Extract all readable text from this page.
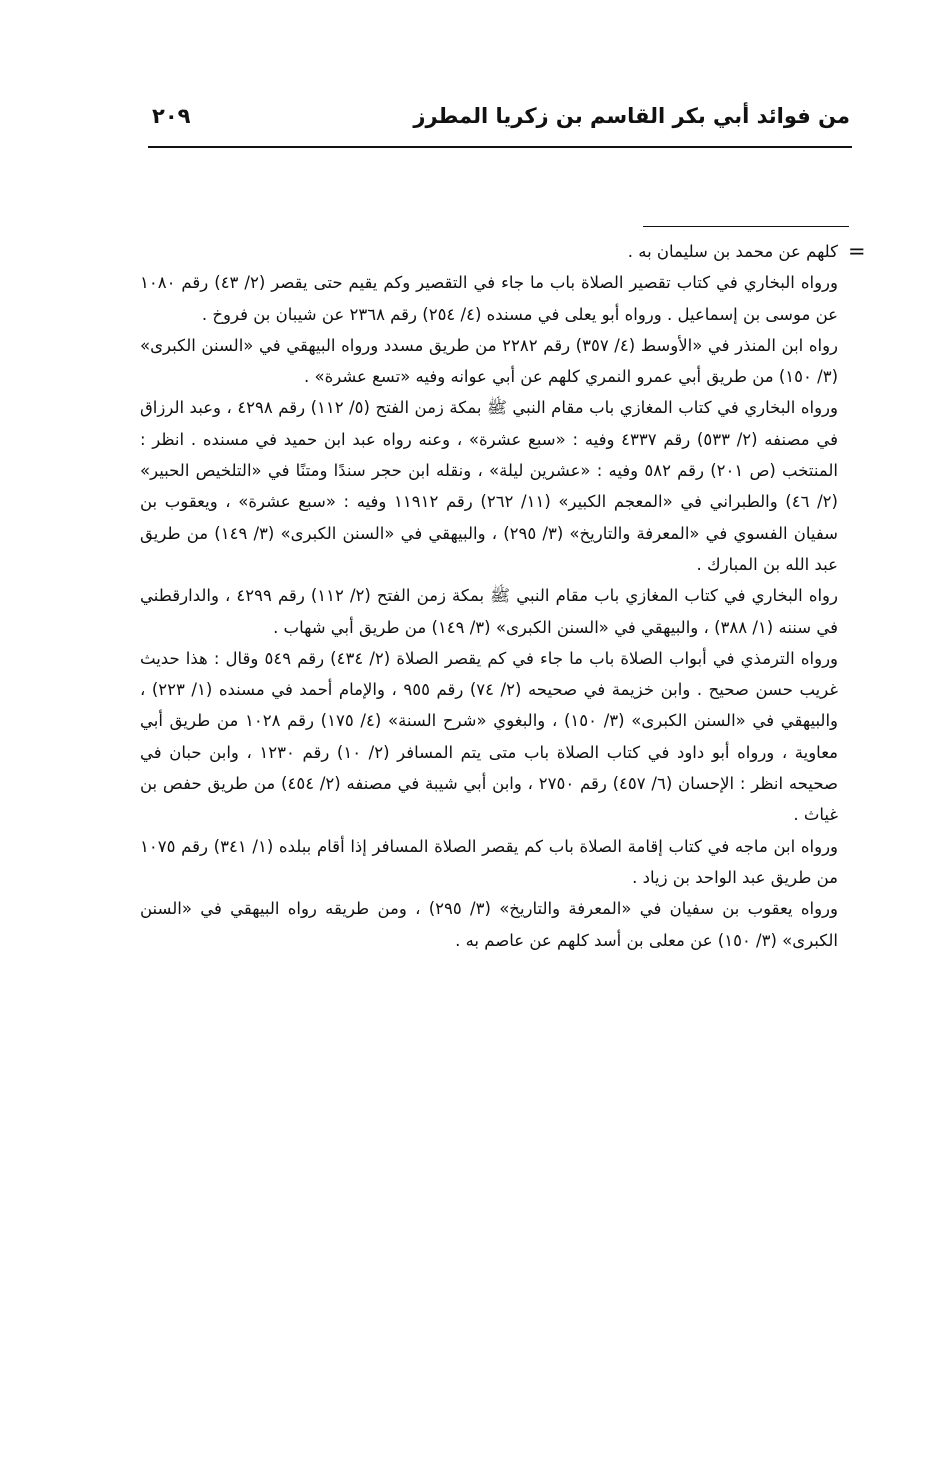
من فوائد أبي بكر القاسم بن زكريا المطرز
٢٠٩
=

كلهم عن محمد بن سليمان به .

ورواه البخاري في كتاب تقصير الصلاة باب ما جاء في التقصير وكم يقيم حتى يقصر (٢/ ٤٣) رقم ١٠٨٠ عن موسى بن إسماعيل . ورواه أبو يعلى في مسنده (٤/ ٢٥٤) رقم ٢٣٦٨ عن شيبان بن فروخ .

رواه ابن المنذر في «الأوسط (٤/ ٣٥٧) رقم ٢٢٨٢ من طريق مسدد ورواه البيهقي في «السنن الكبرى» (٣/ ١٥٠) من طريق أبي عمرو النمري كلهم عن أبي عوانه وفيه «تسع عشرة» .

ورواه البخاري في كتاب المغازي باب مقام النبي ﷺ بمكة زمن الفتح (٥/ ١١٢) رقم ٤٢٩٨ ، وعبد الرزاق في مصنفه (٢/ ٥٣٣) رقم ٤٣٣٧ وفيه : «سبع عشرة» ، وعنه رواه عبد ابن حميد في مسنده . انظر : المنتخب (ص ٢٠١) رقم ٥٨٢ وفيه : «عشرين ليلة» ، ونقله ابن حجر سندًا ومتنًا في «التلخيص الحبير» (٢/ ٤٦) والطبراني في «المعجم الكبير» (١١/ ٢٦٢) رقم ١١٩١٢ وفيه : «سبع عشرة» ، ويعقوب بن سفيان الفسوي في «المعرفة والتاريخ» (٣/ ٢٩٥) ، والبيهقي في «السنن الكبرى» (٣/ ١٤٩) من طريق عبد الله بن المبارك .

رواه البخاري في كتاب المغازي باب مقام النبي ﷺ بمكة زمن الفتح (٢/ ١١٢) رقم ٤٢٩٩ ، والدارقطني في سننه (١/ ٣٨٨) ، والبيهقي في «السنن الكبرى» (٣/ ١٤٩) من طريق أبي شهاب .

ورواه الترمذي في أبواب الصلاة باب ما جاء في كم يقصر الصلاة (٢/ ٤٣٤) رقم ٥٤٩ وقال : هذا حديث غريب حسن صحيح . وابن خزيمة في صحيحه (٢/ ٧٤) رقم ٩٥٥ ، والإمام أحمد في مسنده (١/ ٢٢٣) ، والبيهقي في «السنن الكبرى» (٣/ ١٥٠) ، والبغوي «شرح السنة» (٤/ ١٧٥) رقم ١٠٢٨ من طريق أبي معاوية ، ورواه أبو داود في كتاب الصلاة باب متى يتم المسافر (٢/ ١٠) رقم ١٢٣٠ ، وابن حبان في صحيحه انظر : الإحسان (٦/ ٤٥٧) رقم ٢٧٥٠ ، وابن أبي شيبة في مصنفه (٢/ ٤٥٤) من طريق حفص بن غياث .

ورواه ابن ماجه في كتاب إقامة الصلاة باب كم يقصر الصلاة المسافر إذا أقام ببلده (١/ ٣٤١) رقم ١٠٧٥ من طريق عبد الواحد بن زياد .

ورواه يعقوب بن سفيان في «المعرفة والتاريخ» (٣/ ٢٩٥) ، ومن طريقه رواه البيهقي في «السنن الكبرى» (٣/ ١٥٠) عن معلى بن أسد كلهم عن عاصم به .
